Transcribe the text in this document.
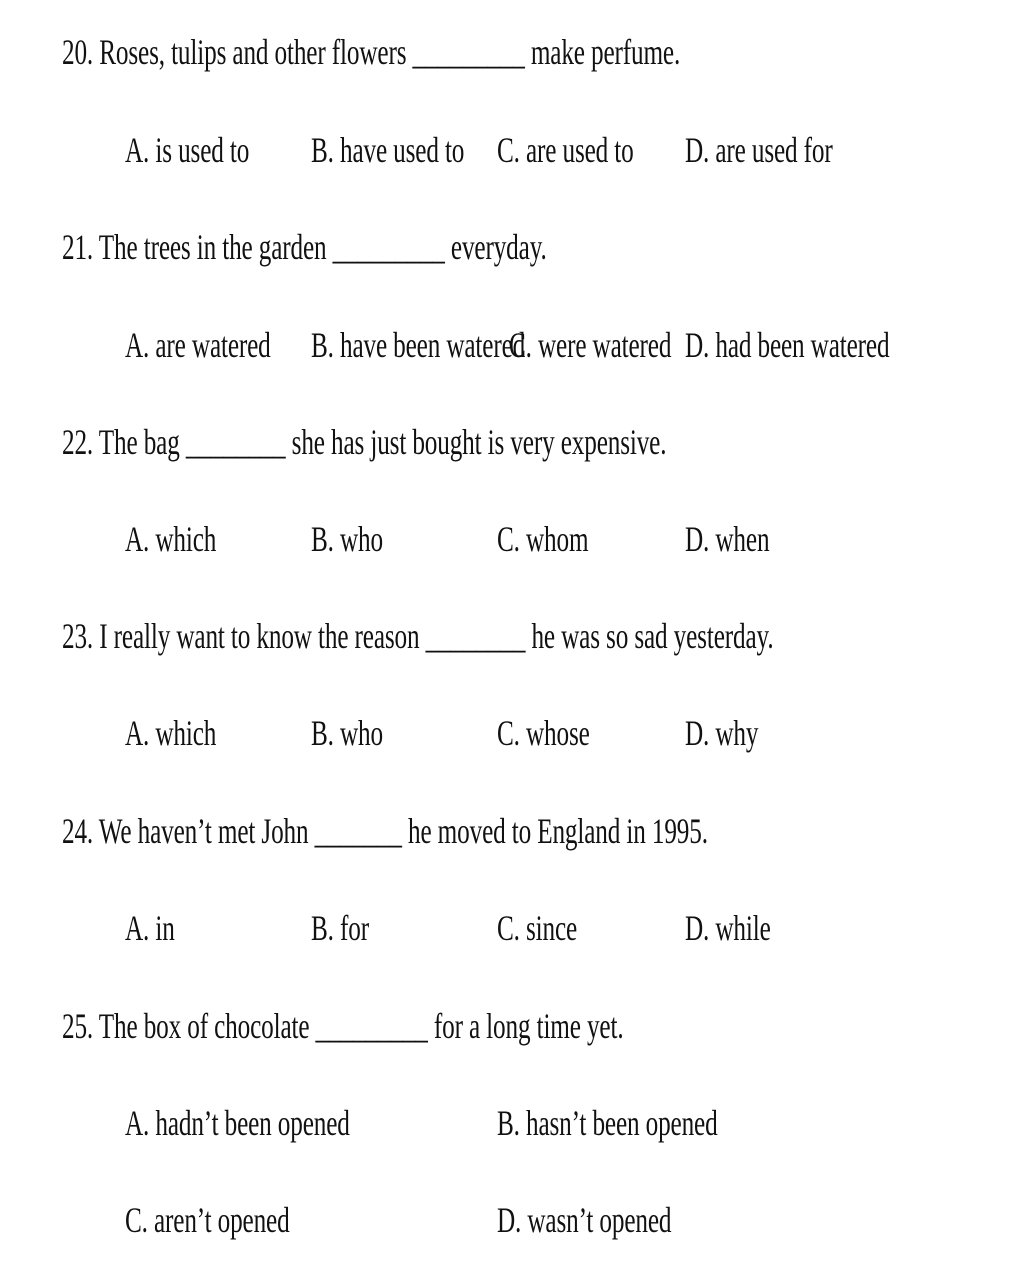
20. Roses, tulips and other flowers _________ make perfume.
A. is used to B. have used to C. are used to D. are used for
21. The trees in the garden _________ everyday.
A. are watered B. have been watered
C. were watered D. had been watered
22. The bag ________ she has just bought is very expensive.
A. which	B. who	C. whom	D. when
23. I really want to know the reason ________ he was so sad yesterday.
A. which	B. who	C. whose	D. why
24. We haven’t met John _______ he moved to England in 1995.
A. in	B. for	C. since	D. while
25. The box of chocolate _________ for a long time yet.
A. hadn’t been opened	B. hasn’t been opened
C. aren’t opened	D. wasn’t opened
